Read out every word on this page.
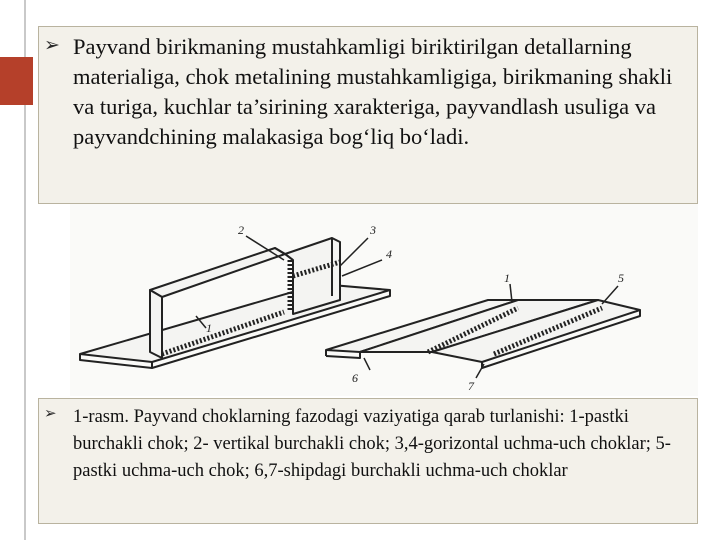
➢ Payvand birikmaning mustahkamligi biriktirilgan detallarning materialiga, chok metalining mustahkamligiga, birikmaning shakli va turiga, kuchlar ta’sirining xarakteriga, payvandlash usuliga va payvandchining malakasiga bog‘liq bo‘ladi.

1
2	3
4
1	5
6
7
➢ 1-rasm. Payvand choklarning fazodagi vaziyatiga qarab turlanishi: 1-pastki burchakli chok; 2- vertikal burchakli chok; 3,4-gorizontal uchma-uch choklar; 5-pastki uchma-uch chok; 6,7-shipdagi burchakli uchma-uch choklar
